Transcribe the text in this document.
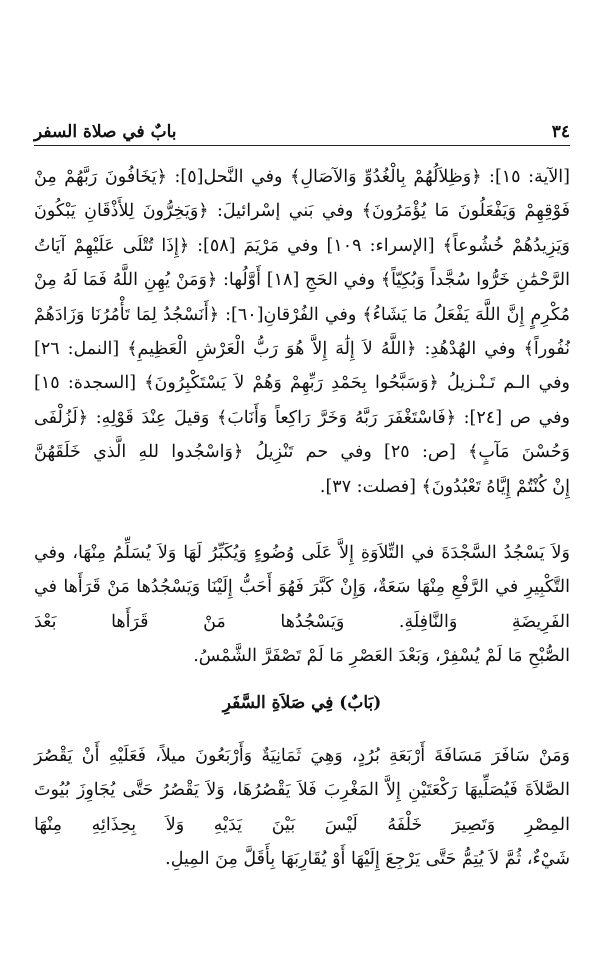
٣٤
بابٌ في صلاة السفر

[الآية: ١٥]: ﴿وَظِلاَلُهُمْ بِالْغُدُوِّ وَالآصَالِ﴾ وفي النَّحل[٥]: ﴿يَخَافُونَ رَبَّهُمْ مِنْ فَوْقِهِمْ وَيَفْعَلُونَ مَا يُؤْمَرُونَ﴾ وفي بَني إسْرائيلَ: ﴿وَيَخِرُّونَ لِلأَذْقَانِ يَبْكُونَ وَيَزِيدُهُمْ خُشُوعاً﴾ [الإسراء: ١٠٩] وفي مَرْيَمَ [٥٨]: ﴿إِذَا تُتْلَى عَلَيْهِمْ آيَاتُ الرَّحْمَٰنِ خَرُّوا سُجَّداً وَبُكِيّاً﴾ وفي الحَجِ [١٨] أَوَّلُها: ﴿وَمَنْ يُهِنِ اللَّهُ فَمَا لَهُ مِنْ مُكْرِمٍ إِنَّ اللَّهَ يَفْعَلُ مَا يَشَاءُ﴾ وفي الفُرْقانِ[٦٠]: ﴿أَنَسْجُدُ لِمَا تَأْمُرُنَا وَزَادَهُمْ نُفُوراً﴾ وفي الهُدْهُدِ: ﴿اللَّهُ لاَ إِلَٰهَ إِلاَّ هُوَ رَبُّ الْعَرْشِ الْعَظِيمِ﴾ [النمل: ٢٦] وفي الـم تَـنْـزيلُ ﴿وَسَبَّحُوا بِحَمْدِ رَبِّهِمْ وَهُمْ لاَ يَسْتَكْبِرُونَ﴾ [السجدة: ١٥] وفي ص [٢٤]: ﴿فَاسْتَغْفَرَ رَبَّهُ وَخَرَّ رَاكِعاً وَأَنَابَ﴾ وَقيلَ عِنْدَ قَوْلِهِ: ﴿لَزُلْفَى وَحُسْنَ مَآبٍ﴾ [ص: ٢٥] وفي حم تَنْزِيلُ ﴿وَاسْجُدوا للهِ الَّذي خَلَقَهُنَّ
إِنْ كُنْتُمْ إِيَّاهُ تَعْبُدُونَ﴾ [فصلت: ٣٧].

وَلاَ يَسْجُدُ السَّجْدَةَ في التِّلاَوَةِ إِلاَّ عَلَى وُضُوءٍ وَيُكَبِّرُ لَهَا وَلاَ يُسَلِّمُ مِنْهَا، وفي التَّكْبِيرِ في الرَّفْعِ مِنْهَا سَعَةٌ، وَإِنْ كَبَّرَ فَهُوَ أَحَبُّ إِلَيْنَا وَيَسْجُدُها مَنْ قَرَأَها في الفَرِيضَةِ وَالنَّافِلَةِ. وَيَسْجُدُها مَنْ قَرَأَها بَعْدَ
الصُّبْحِ مَا لَمْ يُسْفِرْ، وَبَعْدَ العَصْرِ مَا لَمْ تَصْفَرَّ الشَّمْسُ.

(بَابٌ) فِي صَلاَةِ السَّفَرِ

وَمَنْ سَافَرَ مَسَافَةَ أَرْبَعَةِ بُرُدٍ، وَهِيَ ثَمَانِيَةٌ وَأَرْبَعُونَ ميلاً، فَعَلَيْهِ أَنْ يَقْصُرَ الصَّلاَةَ فَيُصَلِّيهَا رَكْعَتَيْنِ إِلاَّ المَغْرِبَ فَلاَ يَقْصُرُهَا، وَلاَ يَقْصُرُ حَتَّى يُجَاوِزَ بُيُوتَ المِصْرِ وَتَصِيرَ خَلْفَهُ لَيْسَ بَيْنَ يَدَيْهِ وَلاَ بِحِذَائِهِ مِنْهَا
شَيْءٌ، ثُمَّ لاَ يُتِمُّ حَتَّى يَرْجِعَ إِلَيْهَا أَوْ يُقَارِبَهَا بِأَقَلَّ مِنَ المِيلِ.
